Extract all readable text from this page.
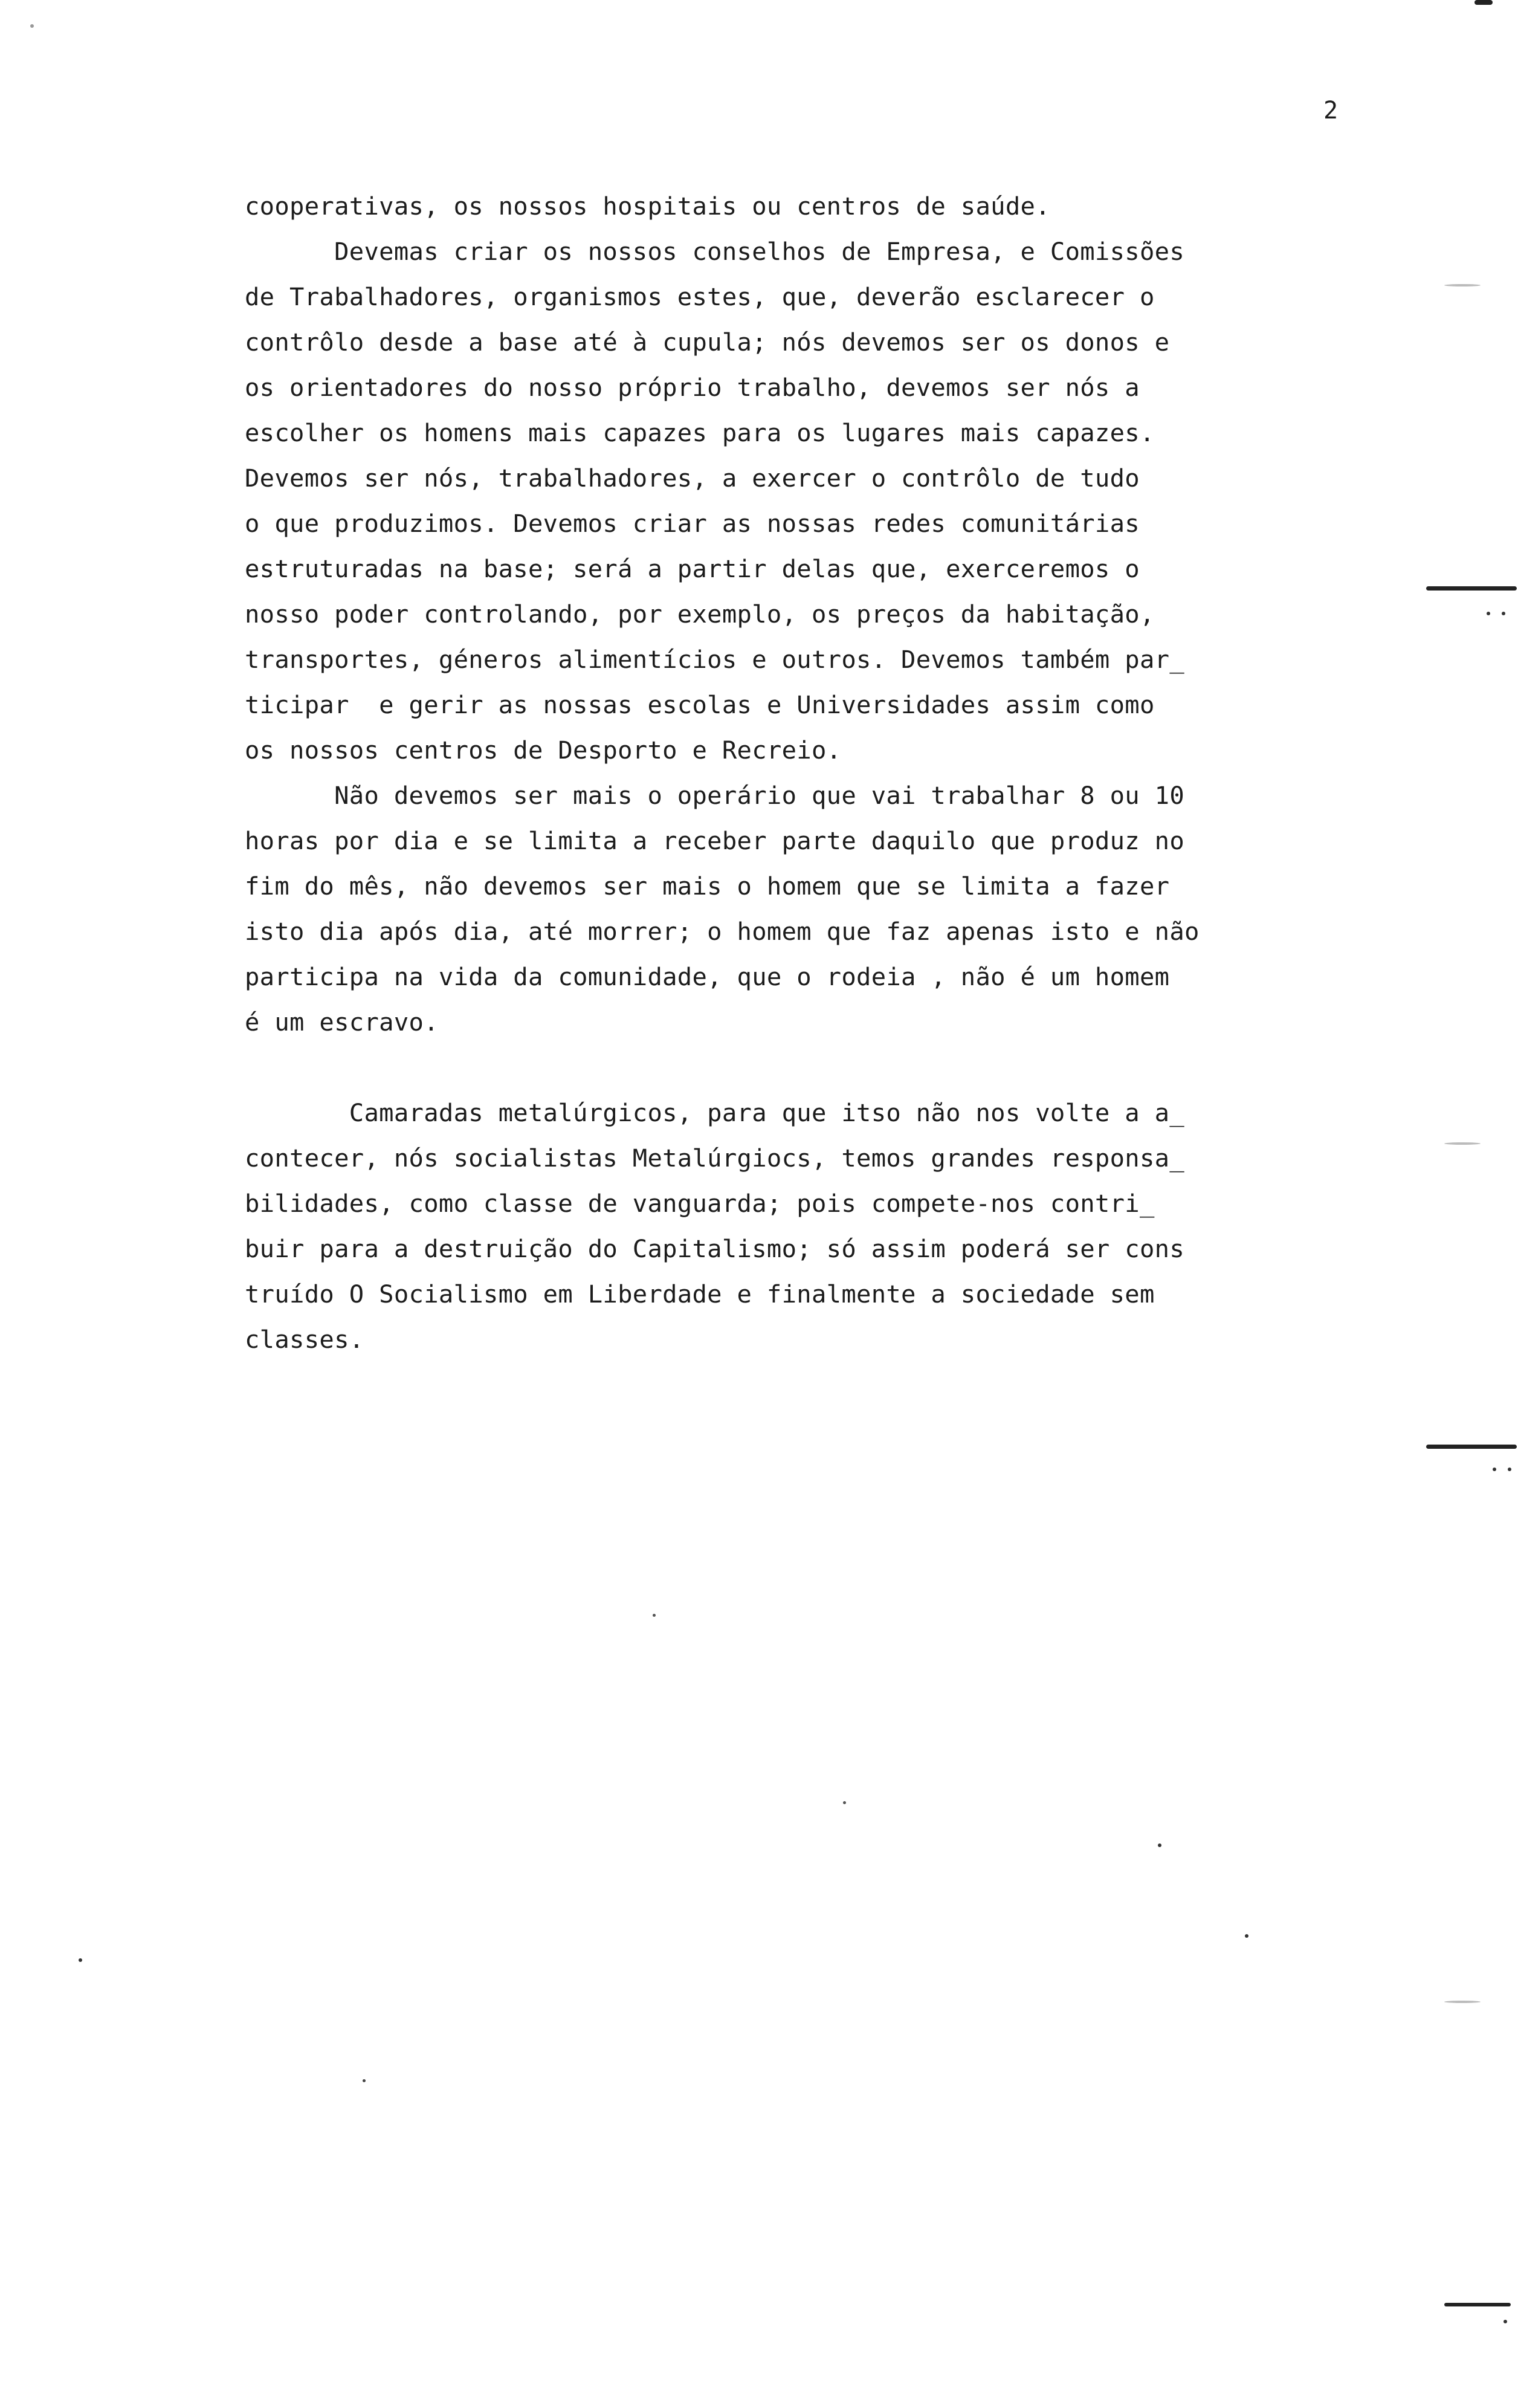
2
cooperativas, os nossos hospitais ou centros de saúde.
Devemas criar os nossos conselhos de Empresa, e Comissões
de Trabalhadores, organismos estes, que, deverão esclarecer o
contrôlo desde a base até à cupula; nós devemos ser os donos e
os orientadores do nosso próprio trabalho, devemos ser nós a
escolher os homens mais capazes para os lugares mais capazes.
Devemos ser nós, trabalhadores, a exercer o contrôlo de tudo
o que produzimos. Devemos criar as nossas redes comunitárias
estruturadas na base; será a partir delas que, exerceremos o
nosso poder controlando, por exemplo, os preços da habitação,
transportes, géneros alimentícios e outros. Devemos também par_
ticipar  e gerir as nossas escolas e Universidades assim como
os nossos centros de Desporto e Recreio.
Não devemos ser mais o operário que vai trabalhar 8 ou 10
horas por dia e se limita a receber parte daquilo que produz no
fim do mês, não devemos ser mais o homem que se limita a fazer
isto dia após dia, até morrer; o homem que faz apenas isto e não
participa na vida da comunidade, que o rodeia , não é um homem
é um escravo.
Camaradas metalúrgicos, para que itso não nos volte a a_
contecer, nós socialistas Metalúrgiocs, temos grandes responsa_
bilidades, como classe de vanguarda; pois compete-nos contri_
buir para a destruição do Capitalismo; só assim poderá ser cons
truído O Socialismo em Liberdade e finalmente a sociedade sem
classes.
